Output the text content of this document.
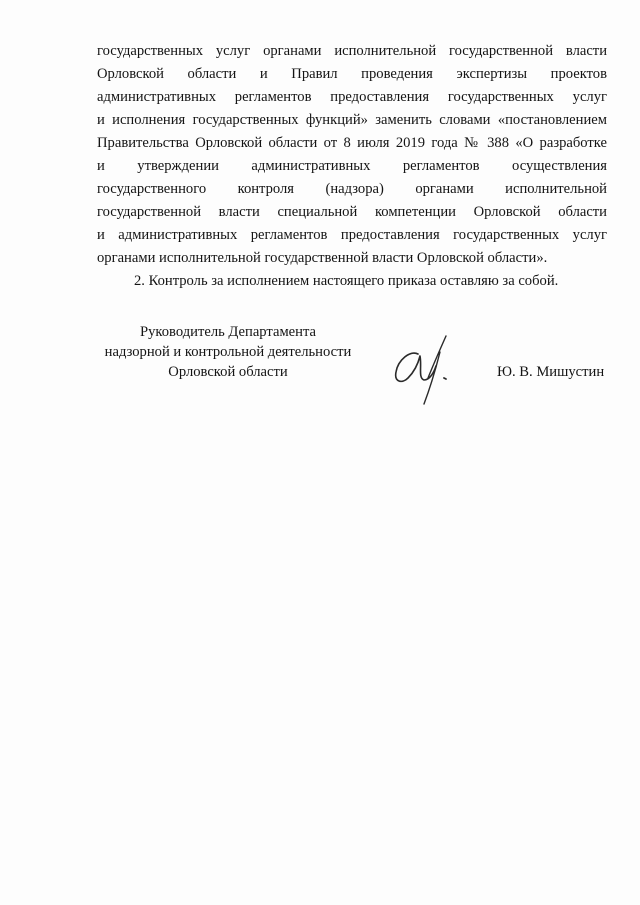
государственных услуг органами исполнительной государственной власти
Орловской области и Правил проведения экспертизы проектов
административных регламентов предоставления государственных услуг
и исполнения государственных функций» заменить словами «постановлением
Правительства Орловской области от 8 июля 2019 года № 388 «О разработке
и утверждении административных регламентов осуществления
государственного контроля (надзора) органами исполнительной
государственной власти специальной компетенции Орловской области
и административных регламентов предоставления государственных услуг
органами исполнительной государственной власти Орловской области».
2. Контроль за исполнением настоящего приказа оставляю за собой.
Руководитель Департамента
надзорной и контрольной деятельности
Орловской области	Ю. В. Мишустин
